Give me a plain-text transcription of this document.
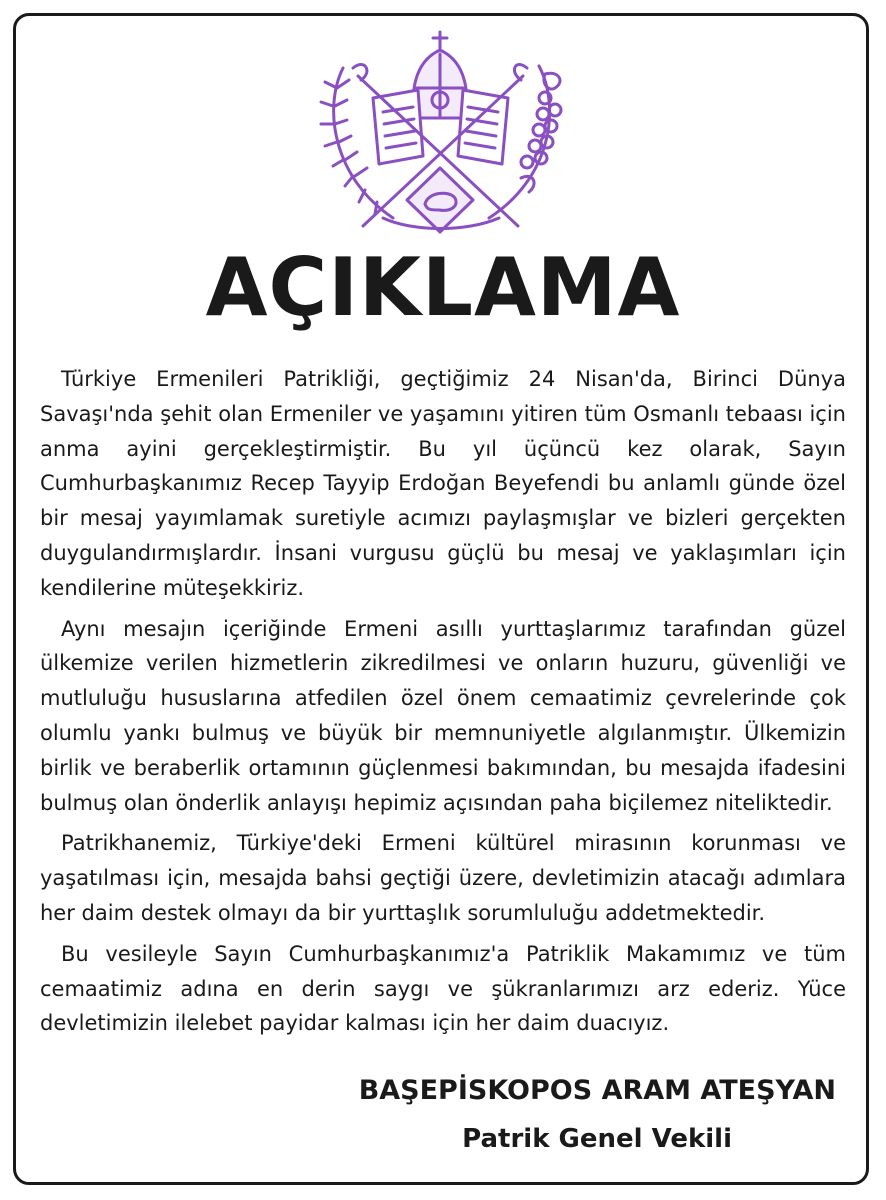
AÇIKLAMA

Türkiye Ermenileri Patrikliği, geçtiğimiz 24 Nisan'da, Birinci Dünya Savaşı'nda şehit olan Ermeniler ve yaşamını yitiren tüm Osmanlı tebaası için anma ayini gerçekleştirmiştir. Bu yıl üçüncü kez olarak, Sayın Cumhurbaşkanımız Recep Tayyip Erdoğan Beyefendi bu anlamlı günde özel bir mesaj yayımlamak suretiyle acımızı paylaşmışlar ve bizleri gerçekten duygulandırmışlardır. İnsani vurgusu güçlü bu mesaj ve yaklaşımları için kendilerine müteşekkiriz.

Aynı mesajın içeriğinde Ermeni asıllı yurttaşlarımız tarafından güzel ülkemize verilen hizmetlerin zikredilmesi ve onların huzuru, güvenliği ve mutluluğu hususlarına atfedilen özel önem cemaatimiz çevrelerinde çok olumlu yankı bulmuş ve büyük bir memnuniyetle algılanmıştır. Ülkemizin birlik ve beraberlik ortamının güçlenmesi bakımından, bu mesajda ifadesini bulmuş olan önderlik anlayışı hepimiz açısından paha biçilemez niteliktedir.

Patrikhanemiz, Türkiye'deki Ermeni kültürel mirasının korunması ve yaşatılması için, mesajda bahsi geçtiği üzere, devletimizin atacağı adımlara her daim destek olmayı da bir yurttaşlık sorumluluğu addetmektedir.

Bu vesileyle Sayın Cumhurbaşkanımız'a Patriklik Makamımız ve tüm cemaatimiz adına en derin saygı ve şükranlarımızı arz ederiz. Yüce devletimizin ilelebet payidar kalması için her daim duacıyız.

BAŞEPİSKOPOS ARAM ATEŞYAN
Patrik Genel Vekili
